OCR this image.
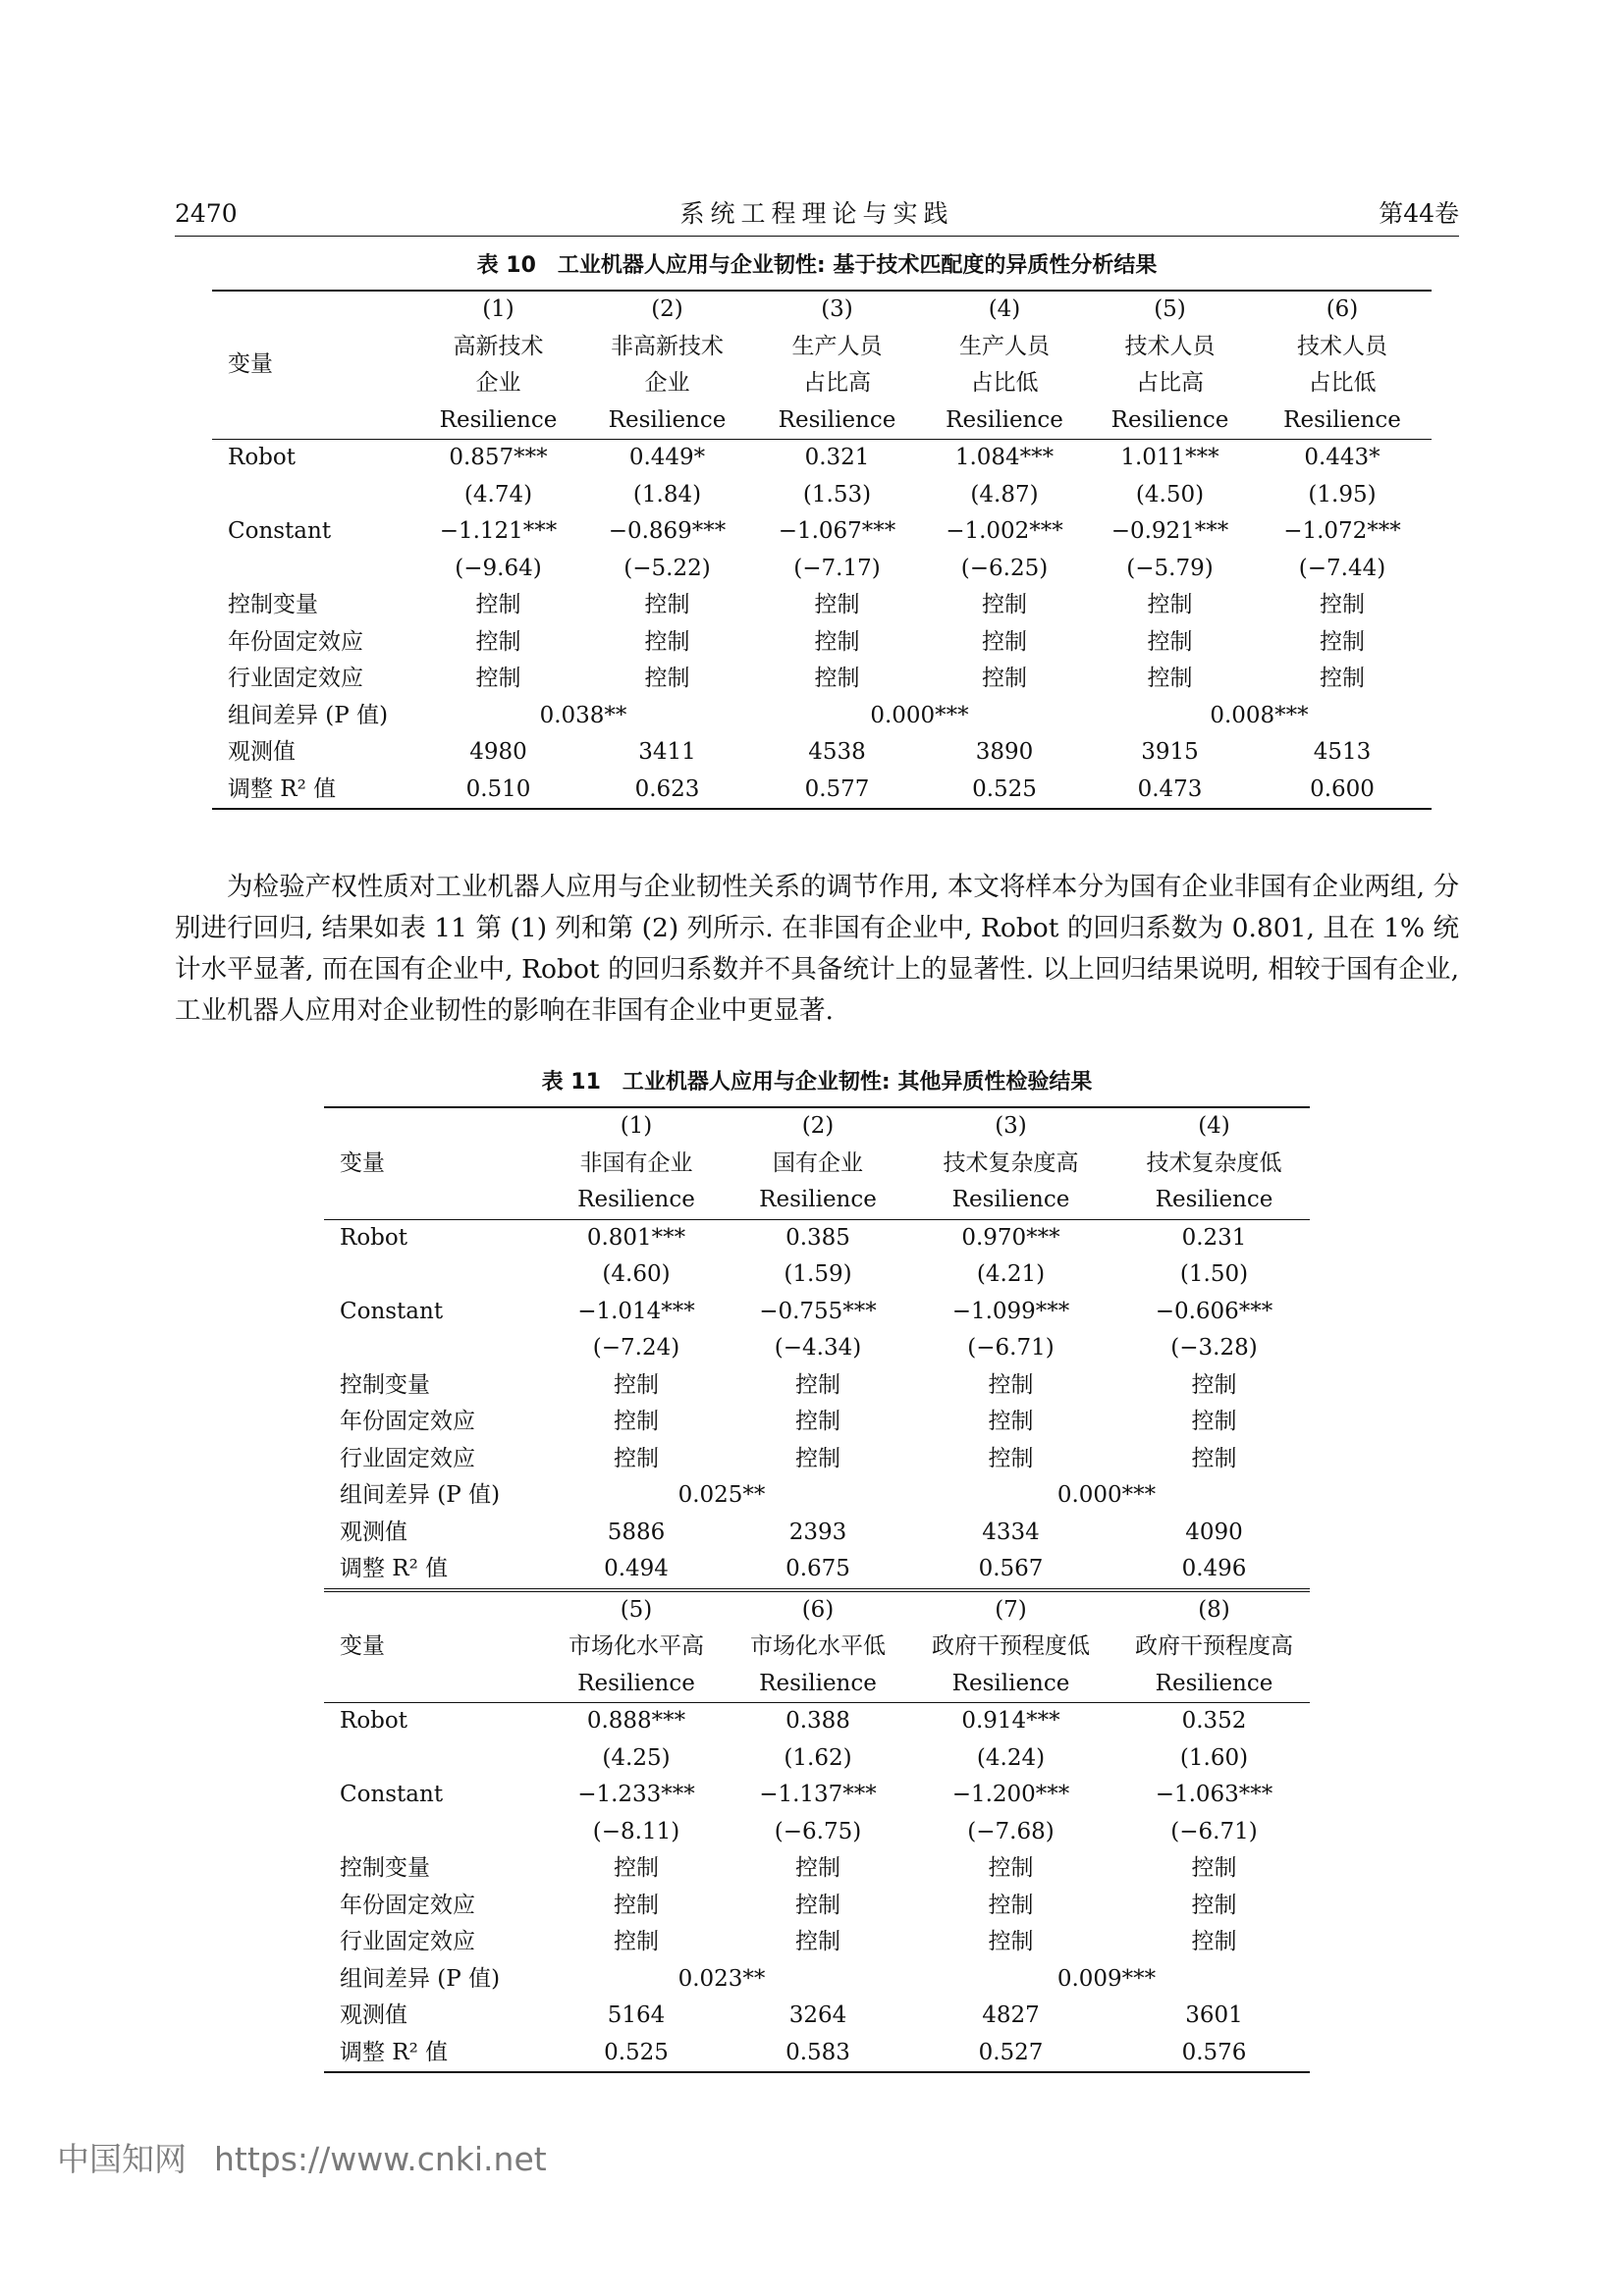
2470	系统工程理论与实践	第44卷
表 10 工业机器人应用与企业韧性: 基于技术匹配度的异质性分析结果
变量	(1)	(2)	(3)	(4)	(5)	(6)
	高新技术	非高新技术	生产人员	生产人员	技术人员	技术人员
	企业	企业	占比高	占比低	占比高	占比低
	Resilience	Resilience	Resilience	Resilience	Resilience	Resilience
Robot	0.857***	0.449*	0.321	1.084***	1.011***	0.443*
	(4.74)	(1.84)	(1.53)	(4.87)	(4.50)	(1.95)
Constant	−1.121***	−0.869***	−1.067***	−1.002***	−0.921***	−1.072***
	(−9.64)	(−5.22)	(−7.17)	(−6.25)	(−5.79)	(−7.44)
控制变量	控制	控制	控制	控制	控制	控制
年份固定效应	控制	控制	控制	控制	控制	控制
行业固定效应	控制	控制	控制	控制	控制	控制
组间差异 (P 值)	0.038**		0.000***		0.008***	
观测值	4980	3411	4538	3890	3915	4513
调整 R² 值	0.510	0.623	0.577	0.525	0.473	0.600

为检验产权性质对工业机器人应用与企业韧性关系的调节作用, 本文将样本分为国有企业非国有企业两组, 分别进行回归, 结果如表 11 第 (1) 列和第 (2) 列所示. 在非国有企业中, Robot 的回归系数为 0.801, 且在 1% 统计水平显著, 而在国有企业中, Robot 的回归系数并不具备统计上的显著性. 以上回归结果说明, 相较于国有企业, 工业机器人应用对企业韧性的影响在非国有企业中更显著.

表 11 工业机器人应用与企业韧性: 其他异质性检验结果
变量	(1)	(2)	(3)	(4)
	非国有企业	国有企业	技术复杂度高	技术复杂度低
	Resilience	Resilience	Resilience	Resilience
Robot	0.801***	0.385	0.970***	0.231
	(4.60)	(1.59)	(4.21)	(1.50)
Constant	−1.014***	−0.755***	−1.099***	−0.606***
	(−7.24)	(−4.34)	(−6.71)	(−3.28)
控制变量	控制	控制	控制	控制
年份固定效应	控制	控制	控制	控制
行业固定效应	控制	控制	控制	控制
组间差异 (P 值)	0.025**		0.000***	
观测值	5886	2393	4334	4090
调整 R² 值	0.494	0.675	0.567	0.496
变量	(5)	(6)	(7)	(8)
	市场化水平高	市场化水平低	政府干预程度低	政府干预程度高
	Resilience	Resilience	Resilience	Resilience
Robot	0.888***	0.388	0.914***	0.352
	(4.25)	(1.62)	(4.24)	(1.60)
Constant	−1.233***	−1.137***	−1.200***	−1.063***
	(−8.11)	(−6.75)	(−7.68)	(−6.71)
控制变量	控制	控制	控制	控制
年份固定效应	控制	控制	控制	控制
行业固定效应	控制	控制	控制	控制
组间差异 (P 值)	0.023**		0.009***	
观测值	5164	3264	4827	3601
调整 R² 值	0.525	0.583	0.527	0.576
中国知网 https://www.cnki.net
